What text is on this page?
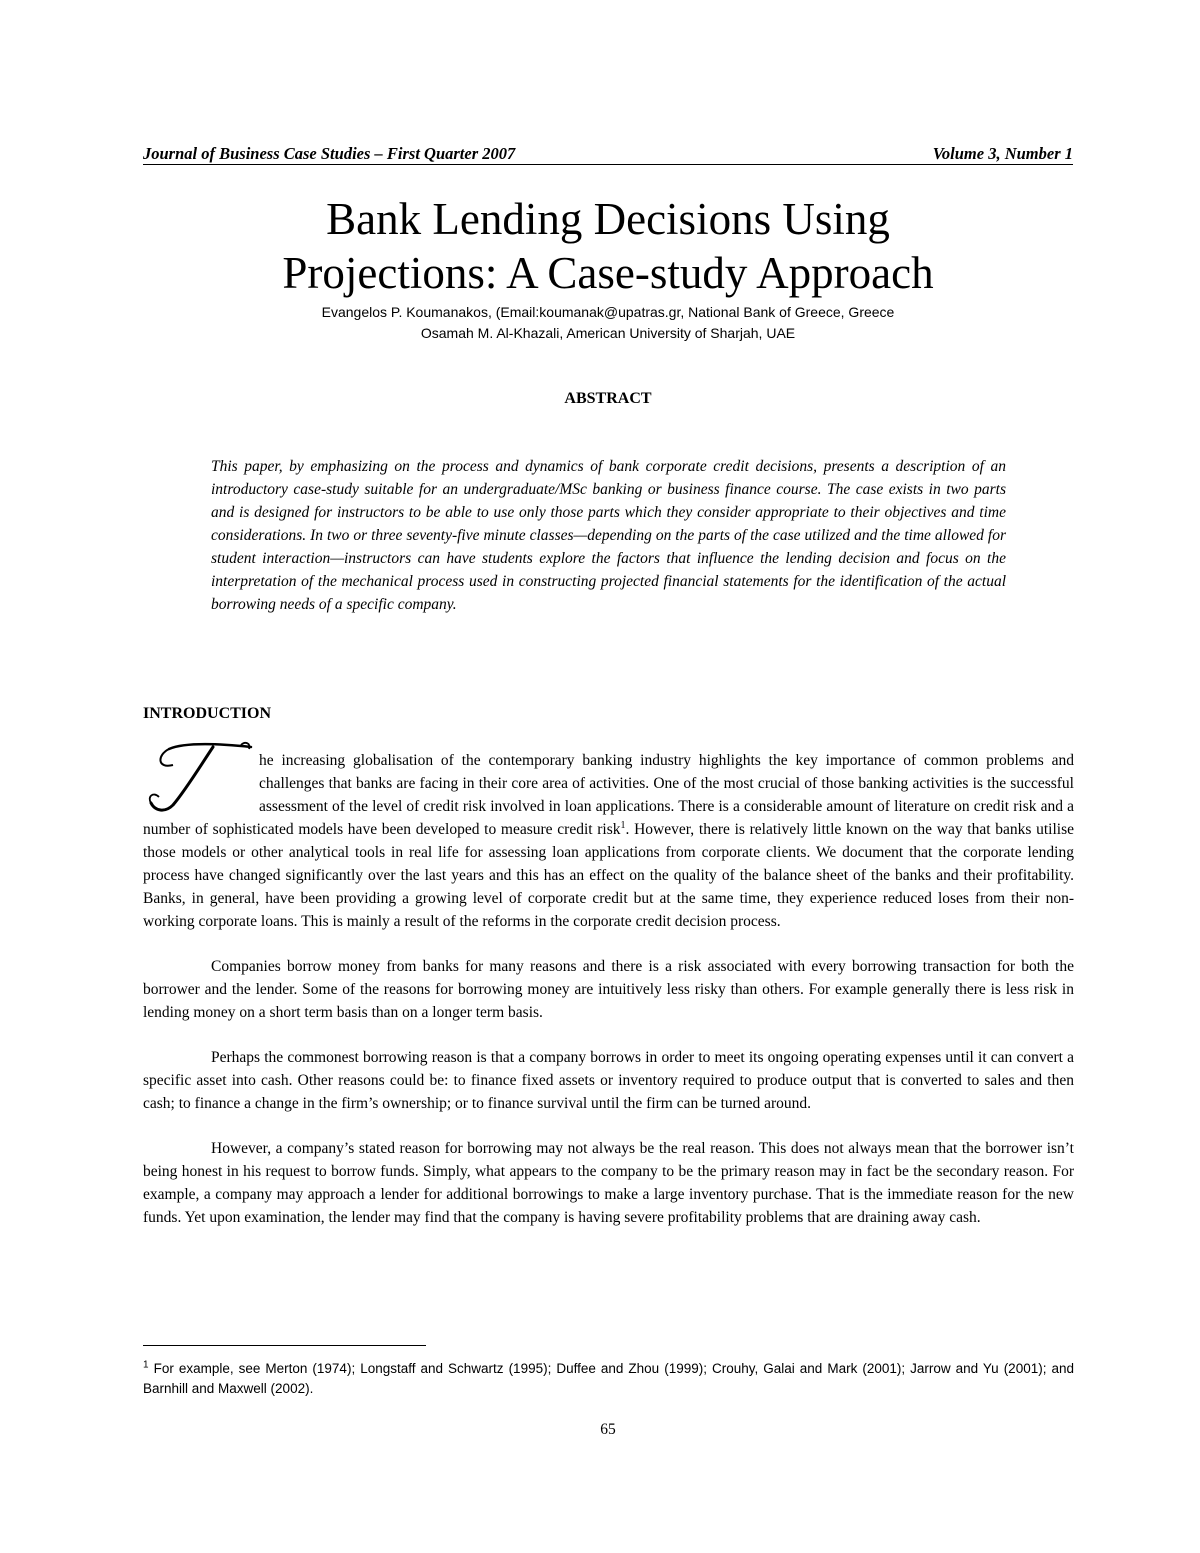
Journal of Business Case Studies – First Quarter 2007	Volume 3, Number 1
Bank Lending Decisions Using
Projections: A Case-study Approach
Evangelos P. Koumanakos, (Email:koumanak@upatras.gr, National Bank of Greece, Greece
Osamah M. Al-Khazali, American University of Sharjah, UAE
ABSTRACT
This paper, by emphasizing on the process and dynamics of bank corporate credit decisions, presents a description of an introductory case-study suitable for an undergraduate/MSc banking or business finance course. The case exists in two parts and is designed for instructors to be able to use only those parts which they consider appropriate to their objectives and time considerations. In two or three seventy-five minute classes—depending on the parts of the case utilized and the time allowed for student interaction—instructors can have students explore the factors that influence the lending decision and focus on the interpretation of the mechanical process used in constructing projected financial statements for the identification of the actual borrowing needs of a specific company.
INTRODUCTION

he increasing globalisation of the contemporary banking industry highlights the key importance of common problems and challenges that banks are facing in their core area of activities. One of the most crucial of those banking activities is the successful assessment of the level of credit risk involved in loan applications. There is a considerable amount of literature on credit risk and a number of sophisticated models have been developed to measure credit risk$^1$. However, there is relatively little known on the way that banks utilise those models or other analytical tools in real life for assessing loan applications from corporate clients. We document that the corporate lending process have changed significantly over the last years and this has an effect on the quality of the balance sheet of the banks and their profitability. Banks, in general, have been providing a growing level of corporate credit but at the same time, they experience reduced loses from their non-working corporate loans. This is mainly a result of the reforms in the corporate credit decision process.

Companies borrow money from banks for many reasons and there is a risk associated with every borrowing transaction for both the borrower and the lender. Some of the reasons for borrowing money are intuitively less risky than others. For example generally there is less risk in lending money on a short term basis than on a longer term basis.

Perhaps the commonest borrowing reason is that a company borrows in order to meet its ongoing operating expenses until it can convert a specific asset into cash. Other reasons could be: to finance fixed assets or inventory required to produce output that is converted to sales and then cash; to finance a change in the firm’s ownership; or to finance survival until the firm can be turned around.

However, a company’s stated reason for borrowing may not always be the real reason. This does not always mean that the borrower isn’t being honest in his request to borrow funds. Simply, what appears to the company to be the primary reason may in fact be the secondary reason. For example, a company may approach a lender for additional borrowings to make a large inventory purchase. That is the immediate reason for the new funds. Yet upon examination, the lender may find that the company is having severe profitability problems that are draining away cash.

$^1$ For example, see Merton (1974); Longstaff and Schwartz (1995); Duffee and Zhou (1999); Crouhy, Galai and Mark (2001); Jarrow and Yu (2001); and Barnhill and Maxwell (2002).
65
